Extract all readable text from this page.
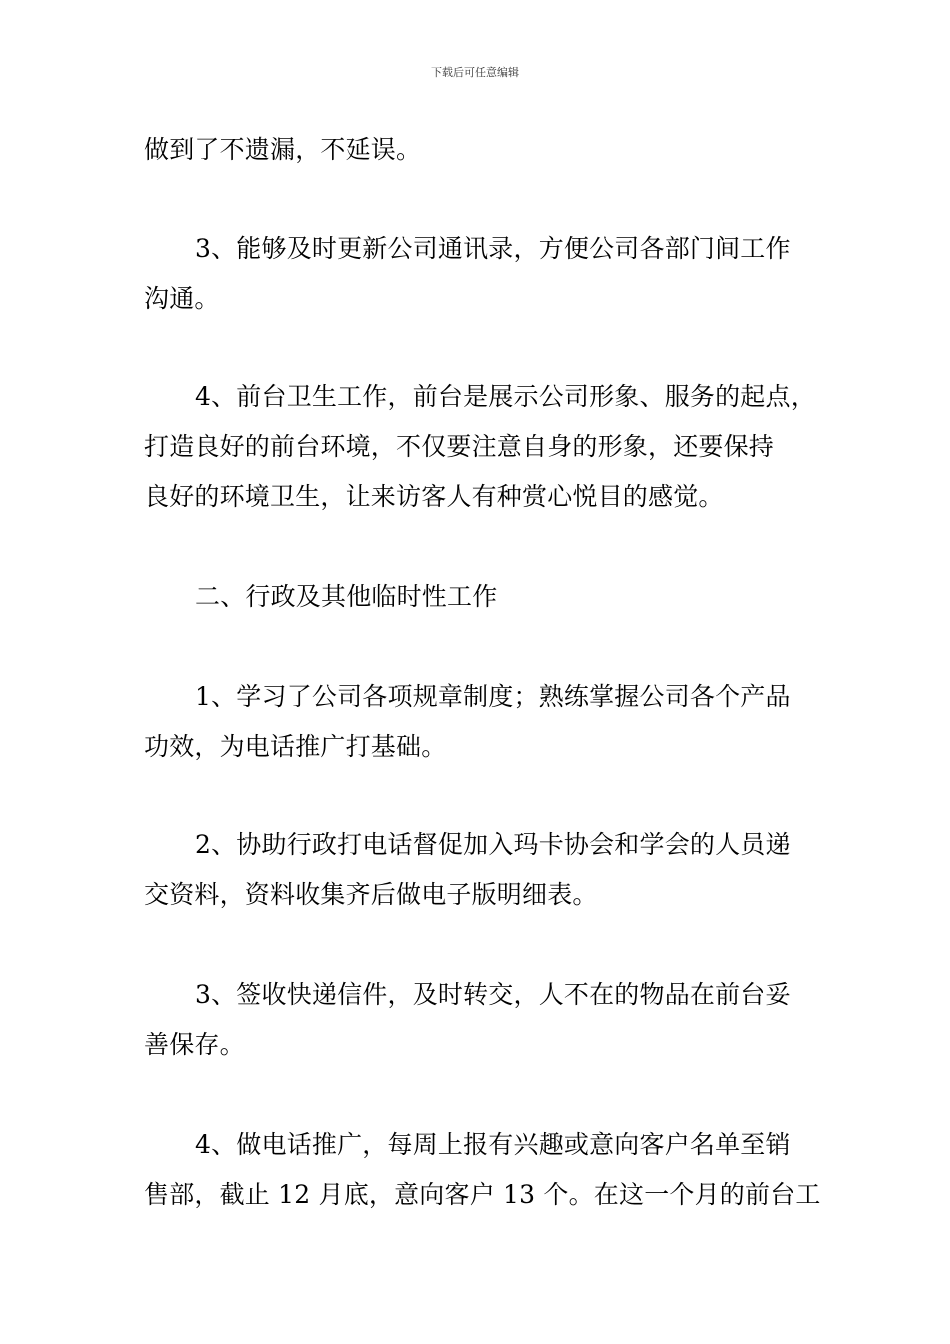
下载后可任意编辑
做到了不遗漏，不延误。
3、能够及时更新公司通讯录，方便公司各部门间工作
沟通。
4、前台卫生工作，前台是展示公司形象、服务的起点，
打造良好的前台环境，不仅要注意自身的形象，还要保持
良好的环境卫生，让来访客人有种赏心悦目的感觉。
二、行政及其他临时性工作
1、学习了公司各项规章制度；熟练掌握公司各个产品
功效，为电话推广打基础。
2、协助行政打电话督促加入玛卡协会和学会的人员递
交资料，资料收集齐后做电子版明细表。
3、签收快递信件，及时转交，人不在的物品在前台妥
善保存。
4、做电话推广，每周上报有兴趣或意向客户名单至销
售部，截止 12 月底，意向客户 13 个。在这一个月的前台工
